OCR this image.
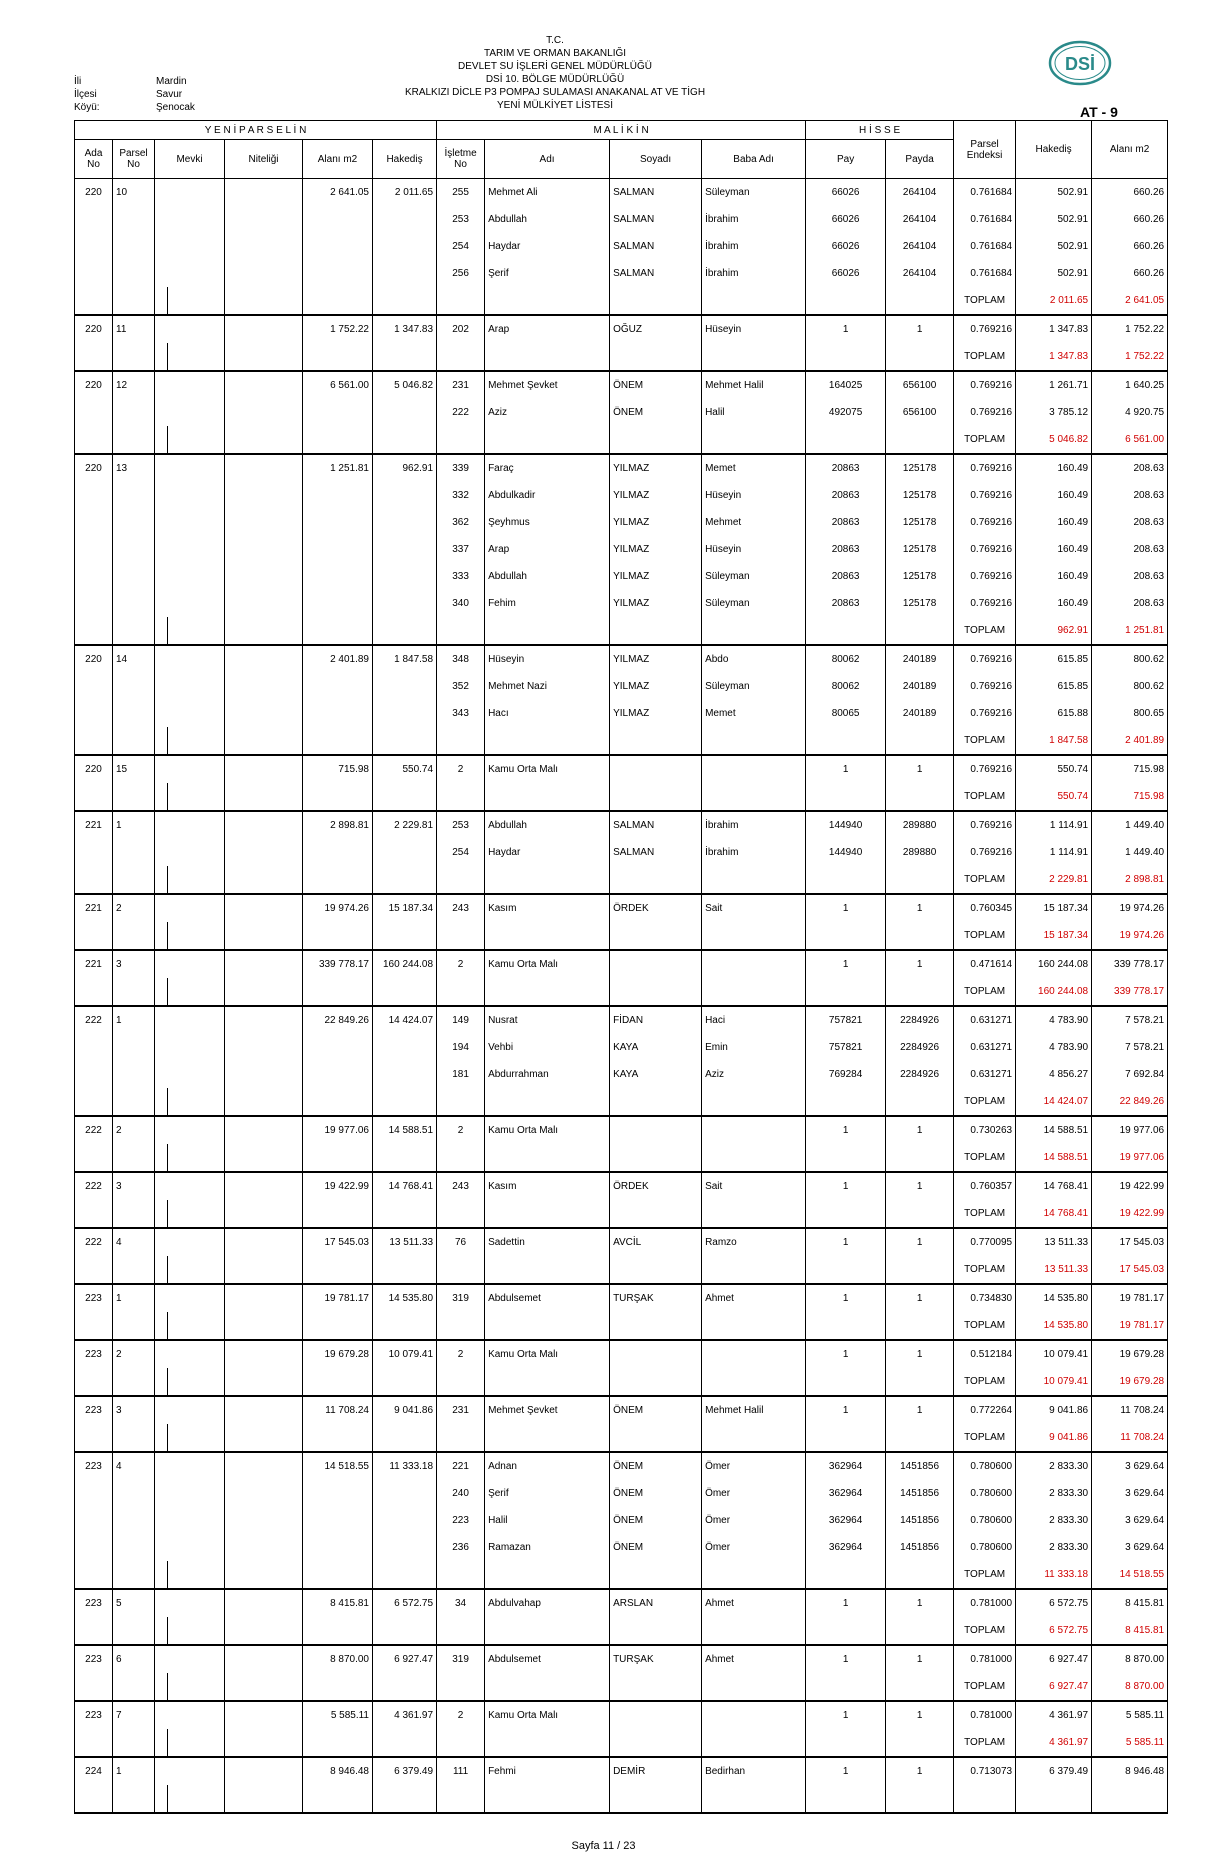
T.C.
TARIM VE ORMAN BAKANLIĞI
DEVLET SU İŞLERİ GENEL MÜDÜRLÜĞÜ
DSİ 10. BÖLGE MÜDÜRLÜĞÜ
KRALKIZI DİCLE P3 POMPAJ SULAMASI ANAKANAL AT VE TİGH
YENİ MÜLKİYET LİSTESİ
İli
İlçesi
Köyü:
Mardin
Savur
Şenocak
DSİ
AT - 9
Y E N İ P A R S E L İ N						M A L İ K İ N				H İ S S E		Parsel Endeksi	Hakediş	Alanı m2
Ada No	Parsel No	Mevki	Niteliği	Alanı m2	Hakediş	İşletme No	Adı	Soyadı	Baba Adı	Pay	Payda			
220	10			2 641.05	2 011.65	255	Mehmet Ali	SALMAN	Süleyman	66026	264104	0.761684	502.91	660.26
						253	Abdullah	SALMAN	İbrahim	66026	264104	0.761684	502.91	660.26
						254	Haydar	SALMAN	İbrahim	66026	264104	0.761684	502.91	660.26
						256	Şerif	SALMAN	İbrahim	66026	264104	0.761684	502.91	660.26

										TOPLAM	2 011.65	2 641.05
220	11			1 752.22	1 347.83	202	Arap	OĞUZ	Hüseyin	1	1	0.769216	1 347.83	1 752.22

										TOPLAM	1 347.83	1 752.22
220	12			6 561.00	5 046.82	231	Mehmet Şevket	ÖNEM	Mehmet Halil	164025	656100	0.769216	1 261.71	1 640.25
						222	Aziz	ÖNEM	Halil	492075	656100	0.769216	3 785.12	4 920.75

										TOPLAM	5 046.82	6 561.00
220	13			1 251.81	962.91	339	Faraç	YILMAZ	Memet	20863	125178	0.769216	160.49	208.63
						332	Abdulkadir	YILMAZ	Hüseyin	20863	125178	0.769216	160.49	208.63
						362	Şeyhmus	YILMAZ	Mehmet	20863	125178	0.769216	160.49	208.63
						337	Arap	YILMAZ	Hüseyin	20863	125178	0.769216	160.49	208.63
						333	Abdullah	YILMAZ	Süleyman	20863	125178	0.769216	160.49	208.63
						340	Fehim	YILMAZ	Süleyman	20863	125178	0.769216	160.49	208.63

										TOPLAM	962.91	1 251.81
220	14			2 401.89	1 847.58	348	Hüseyin	YILMAZ	Abdo	80062	240189	0.769216	615.85	800.62
						352	Mehmet Nazi	YILMAZ	Süleyman	80062	240189	0.769216	615.85	800.62
						343	Hacı	YILMAZ	Memet	80065	240189	0.769216	615.88	800.65

										TOPLAM	1 847.58	2 401.89
220	15			715.98	550.74	2	Kamu Orta Malı			1	1	0.769216	550.74	715.98

										TOPLAM	550.74	715.98
221	1			2 898.81	2 229.81	253	Abdullah	SALMAN	İbrahim	144940	289880	0.769216	1 114.91	1 449.40
						254	Haydar	SALMAN	İbrahim	144940	289880	0.769216	1 114.91	1 449.40

										TOPLAM	2 229.81	2 898.81
221	2			19 974.26	15 187.34	243	Kasım	ÖRDEK	Sait	1	1	0.760345	15 187.34	19 974.26

										TOPLAM	15 187.34	19 974.26
221	3			339 778.17	160 244.08	2	Kamu Orta Malı			1	1	0.471614	160 244.08	339 778.17

										TOPLAM	160 244.08	339 778.17
222	1			22 849.26	14 424.07	149	Nusrat	FİDAN	Haci	757821	2284926	0.631271	4 783.90	7 578.21
						194	Vehbi	KAYA	Emin	757821	2284926	0.631271	4 783.90	7 578.21
						181	Abdurrahman	KAYA	Aziz	769284	2284926	0.631271	4 856.27	7 692.84

										TOPLAM	14 424.07	22 849.26
222	2			19 977.06	14 588.51	2	Kamu Orta Malı			1	1	0.730263	14 588.51	19 977.06

										TOPLAM	14 588.51	19 977.06
222	3			19 422.99	14 768.41	243	Kasım	ÖRDEK	Sait	1	1	0.760357	14 768.41	19 422.99

										TOPLAM	14 768.41	19 422.99
222	4			17 545.03	13 511.33	76	Sadettin	AVCİL	Ramzo	1	1	0.770095	13 511.33	17 545.03

										TOPLAM	13 511.33	17 545.03
223	1			19 781.17	14 535.80	319	Abdulsemet	TURŞAK	Ahmet	1	1	0.734830	14 535.80	19 781.17

										TOPLAM	14 535.80	19 781.17
223	2			19 679.28	10 079.41	2	Kamu Orta Malı			1	1	0.512184	10 079.41	19 679.28

										TOPLAM	10 079.41	19 679.28
223	3			11 708.24	9 041.86	231	Mehmet Şevket	ÖNEM	Mehmet Halil	1	1	0.772264	9 041.86	11 708.24

										TOPLAM	9 041.86	11 708.24
223	4			14 518.55	11 333.18	221	Adnan	ÖNEM	Ömer	362964	1451856	0.780600	2 833.30	3 629.64
						240	Şerif	ÖNEM	Ömer	362964	1451856	0.780600	2 833.30	3 629.64
						223	Halil	ÖNEM	Ömer	362964	1451856	0.780600	2 833.30	3 629.64
						236	Ramazan	ÖNEM	Ömer	362964	1451856	0.780600	2 833.30	3 629.64

										TOPLAM	11 333.18	14 518.55
223	5			8 415.81	6 572.75	34	Abdulvahap	ARSLAN	Ahmet	1	1	0.781000	6 572.75	8 415.81

										TOPLAM	6 572.75	8 415.81
223	6			8 870.00	6 927.47	319	Abdulsemet	TURŞAK	Ahmet	1	1	0.781000	6 927.47	8 870.00

										TOPLAM	6 927.47	8 870.00
223	7			5 585.11	4 361.97	2	Kamu Orta Malı			1	1	0.781000	4 361.97	5 585.11

										TOPLAM	4 361.97	5 585.11
224	1			8 946.48	6 379.49	111	Fehmi	DEMİR	Bedirhan	1	1	0.713073	6 379.49	8 946.48

Sayfa 11 / 23
